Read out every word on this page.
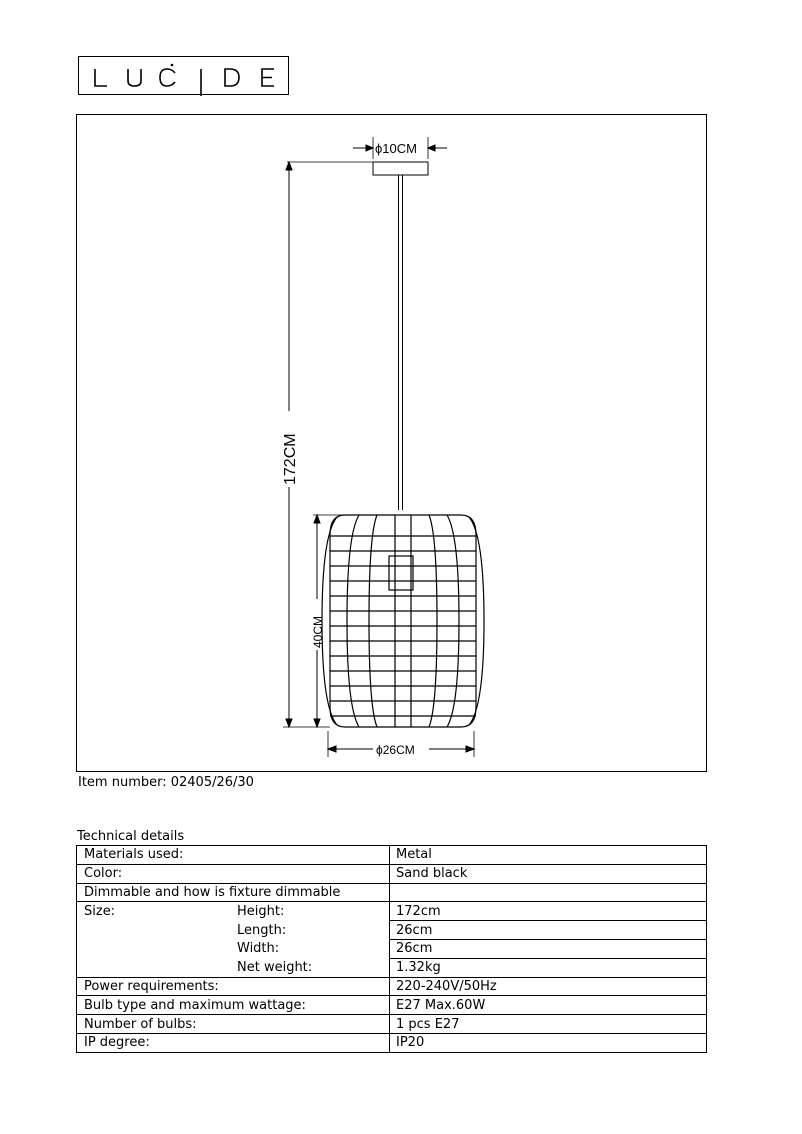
ϕ10CM
172CM
40CM
ϕ26CM
Item number: 02405/26/30
Technical details
Materials used:		Metal
Color:		Sand black
Dimmable and how is fixture dimmable		
Size:	Height:	172cm
	Length:	26cm
	Width:	26cm
	Net weight:	1.32kg
Power requirements:		220-240V/50Hz
Bulb type and maximum wattage:		E27 Max.60W
Number of bulbs:		1 pcs E27
IP degree:		IP20
